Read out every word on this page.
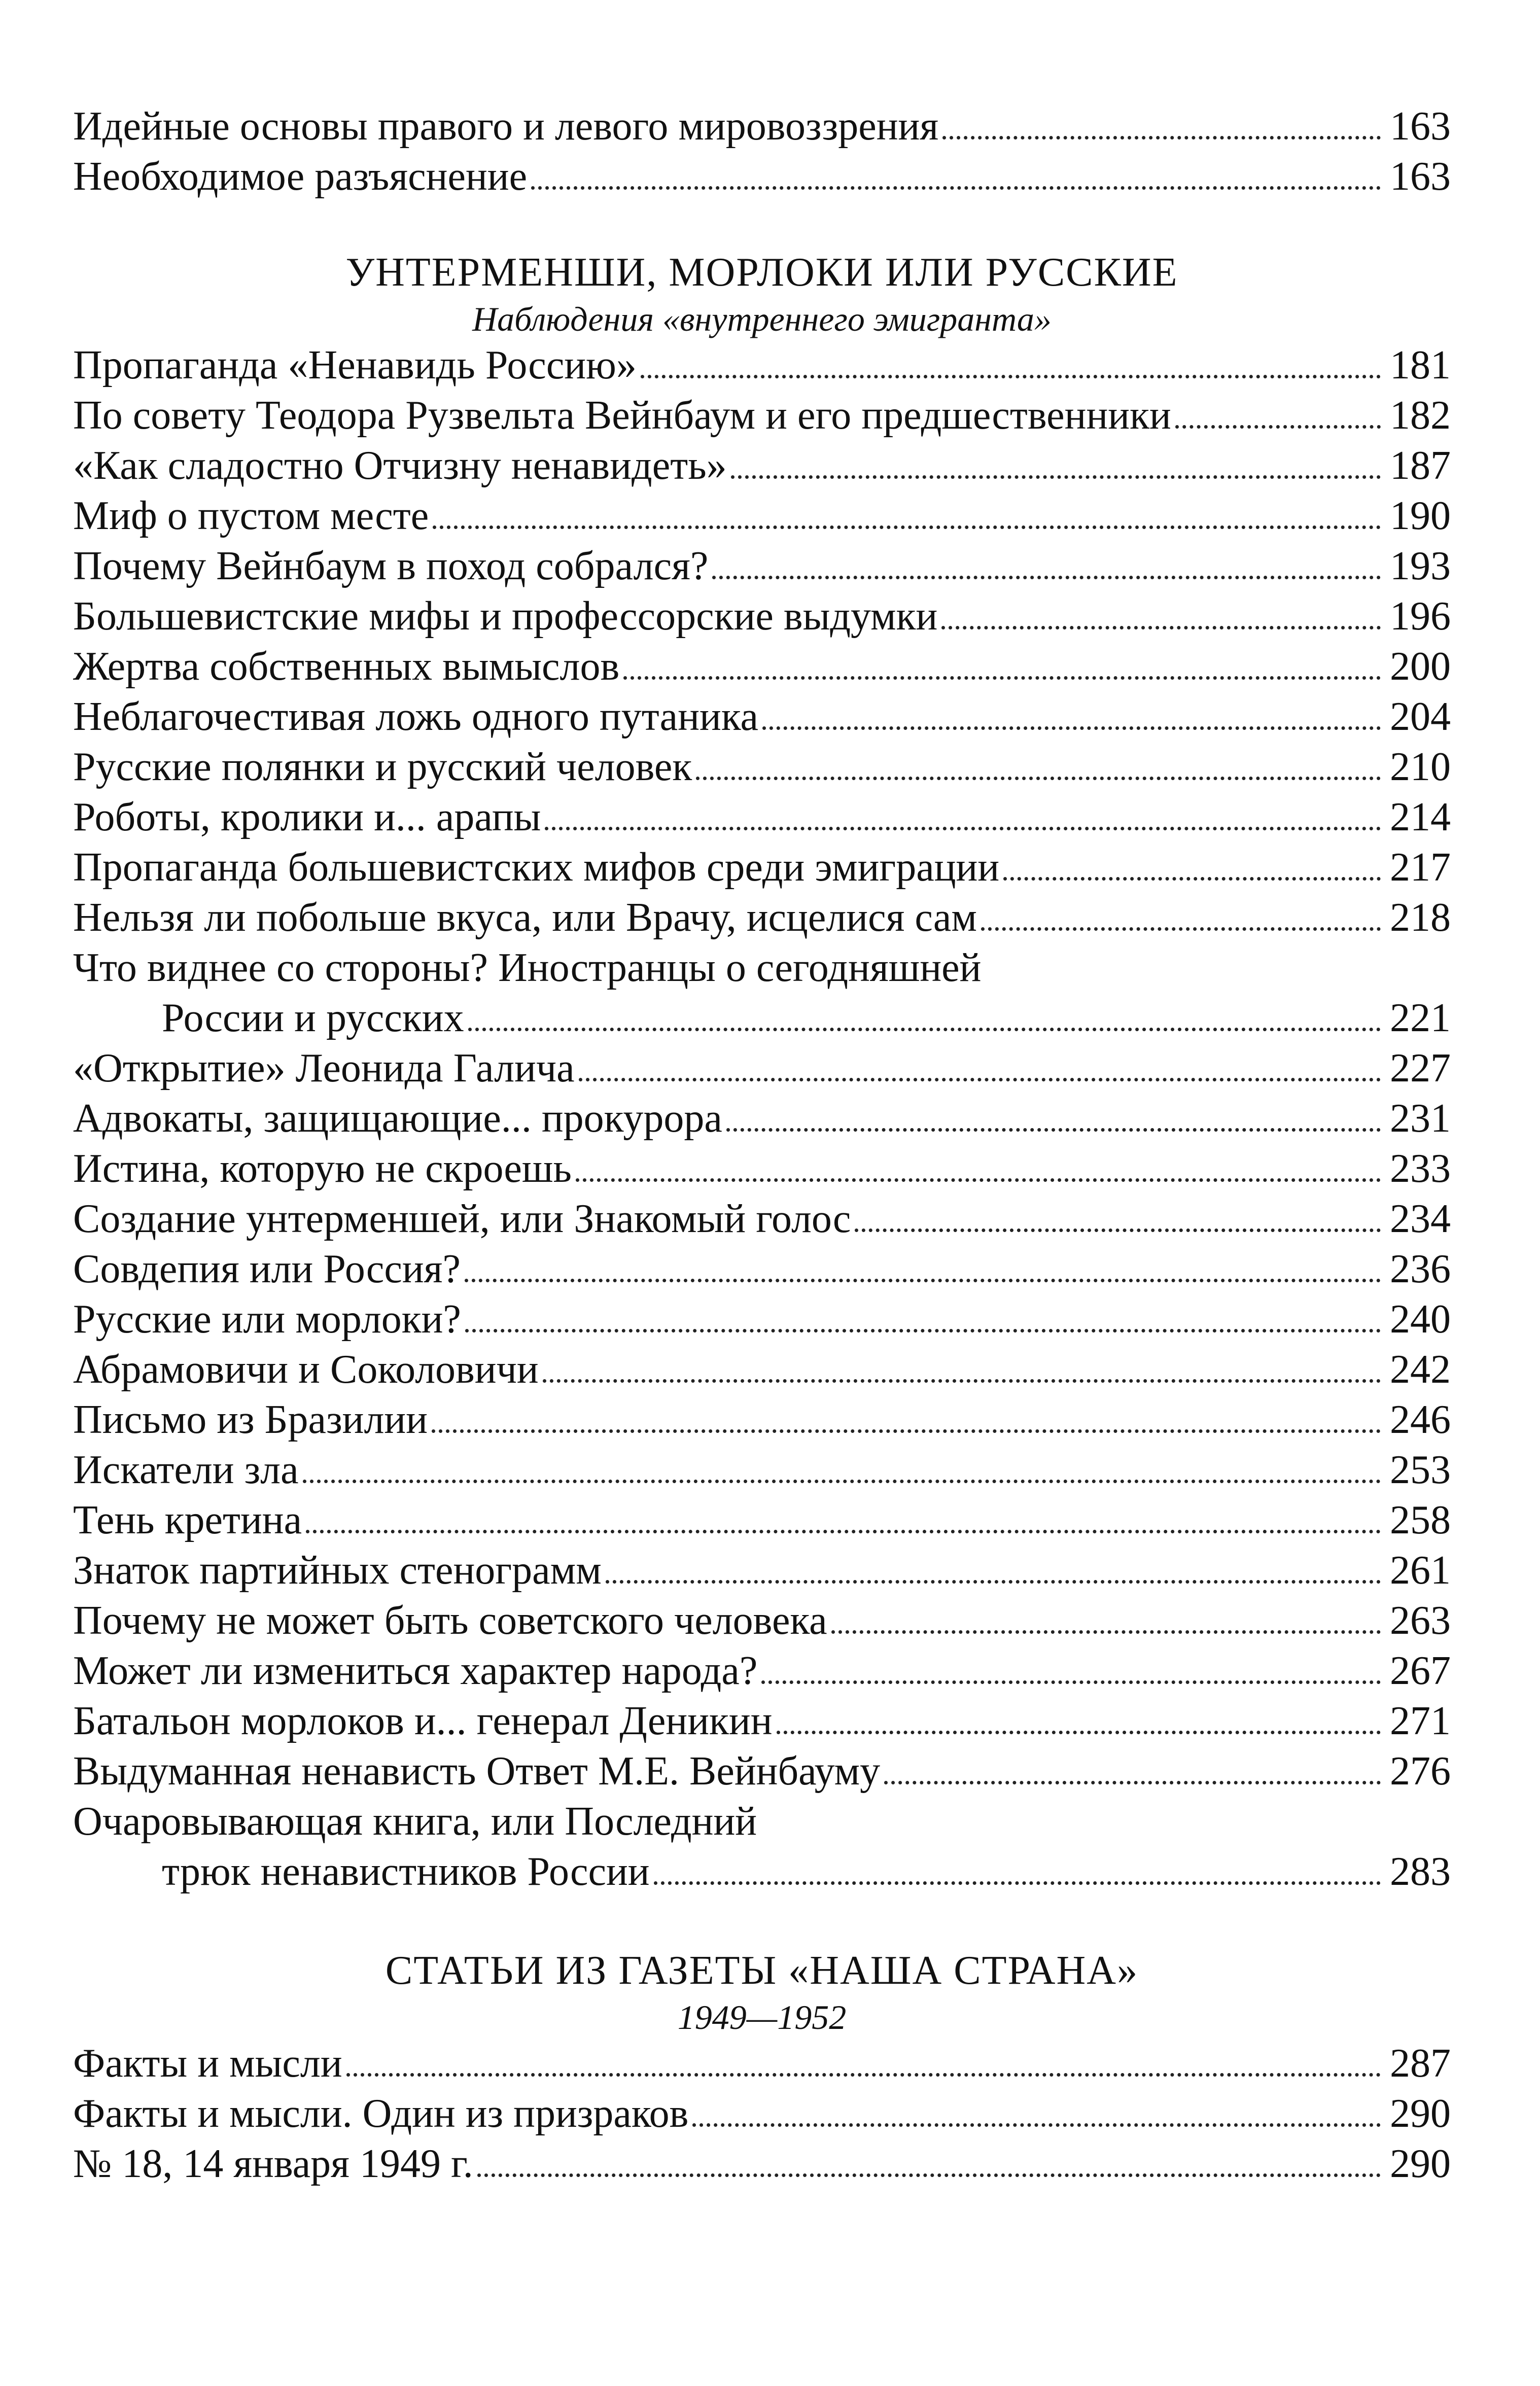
Идейные основы правого и левого мировоззрения	163
Необходимое разъяснение	163
УНТЕРМЕНШИ, МОРЛОКИ ИЛИ РУССКИЕ
Наблюдения «внутреннего эмигранта»
Пропаганда «Ненавидь Россию»	181
По совету Теодора Рузвельта Вейнбаум и его предшественники	182
«Как сладостно Отчизну ненавидеть»	187
Миф о пустом месте	190
Почему Вейнбаум в поход собрался?	193
Большевистские мифы и профессорские выдумки	196
Жертва собственных вымыслов	200
Неблагочестивая ложь одного путаника	204
Русские полянки и русский человек	210
Роботы, кролики и... арапы	214
Пропаганда большевистских мифов среди эмиграции	217
Нельзя ли побольше вкуса, или Врачу, исцелися сам	218
Что виднее со стороны? Иностранцы о сегодняшней
России и русских	221
«Открытие» Леонида Галича	227
Адвокаты, защищающие... прокурора	231
Истина, которую не скроешь	233
Создание унтерменшей, или Знакомый голос	234
Совдепия или Россия?	236
Русские или морлоки?	240
Абрамовичи и Соколовичи	242
Письмо из Бразилии	246
Искатели зла	253
Тень кретина	258
Знаток партийных стенограмм	261
Почему не может быть советского человека	263
Может ли измениться характер народа?	267
Батальон морлоков и... генерал Деникин	271
Выдуманная ненависть Ответ М.Е. Вейнбауму	276
Очаровывающая книга, или Последний
трюк ненавистников России	283
СТАТЬИ ИЗ ГАЗЕТЫ «НАША СТРАНА»
1949—1952
Факты и мысли	287
Факты и мысли. Один из призраков	290
№ 18, 14 января 1949 г.	290
